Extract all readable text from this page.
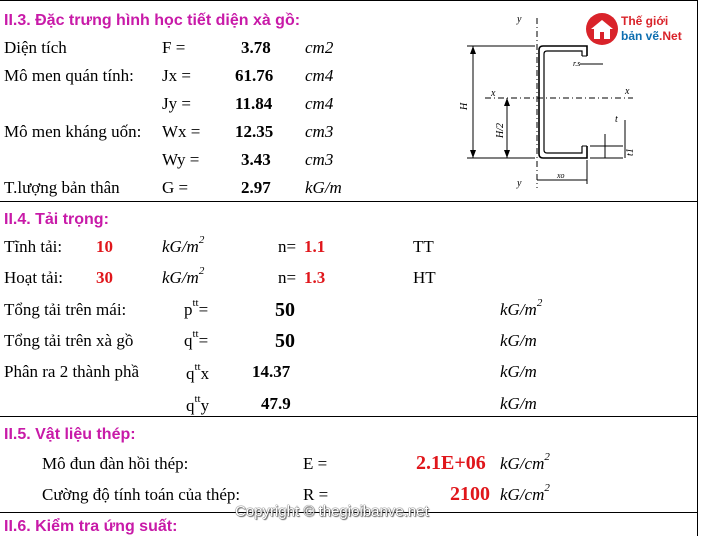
II.3. Đặc trưng hình học tiết diện xà gồ:
Diện tích	F =	3.78 cm2
Mô men quán tính: Jx =	61.76 cm4
Jy =	11.84 cm4
Mô men kháng uốn: Wx = 12.35 cm3
Wy = 3.43 cm3
T.lượng bản thân G =	2.97 kG/m
y
y
x	x
H
H/2
t
t1
r.s
xo
Thế giới
bản vẽ.Net
II.4. Tải trọng:
Tĩnh tải: 10	$kG/m^2$	n= 1.1	TT
Hoạt tải: 30	$kG/m^2$	n= 1.3	HT
Tổng tải trên mái:	$p^{tt}=$	50	$kG/m^2$
Tổng tải trên xà gồ	$q^{tt}=$	50	kG/m
Phân ra 2 thành phầ	$q^{tt}x$	14.37	kG/m
$q^{tt}y$	47.9	kG/m
II.5. Vật liệu thép:
Mô đun đàn hồi thép:	E =	2.1E+06 $kG/cm^2$
Cường độ tính toán của thép:	R =	2100 $kG/cm^2$
Copyright © thegioibanve.net
II.6. Kiểm tra ứng suất:
